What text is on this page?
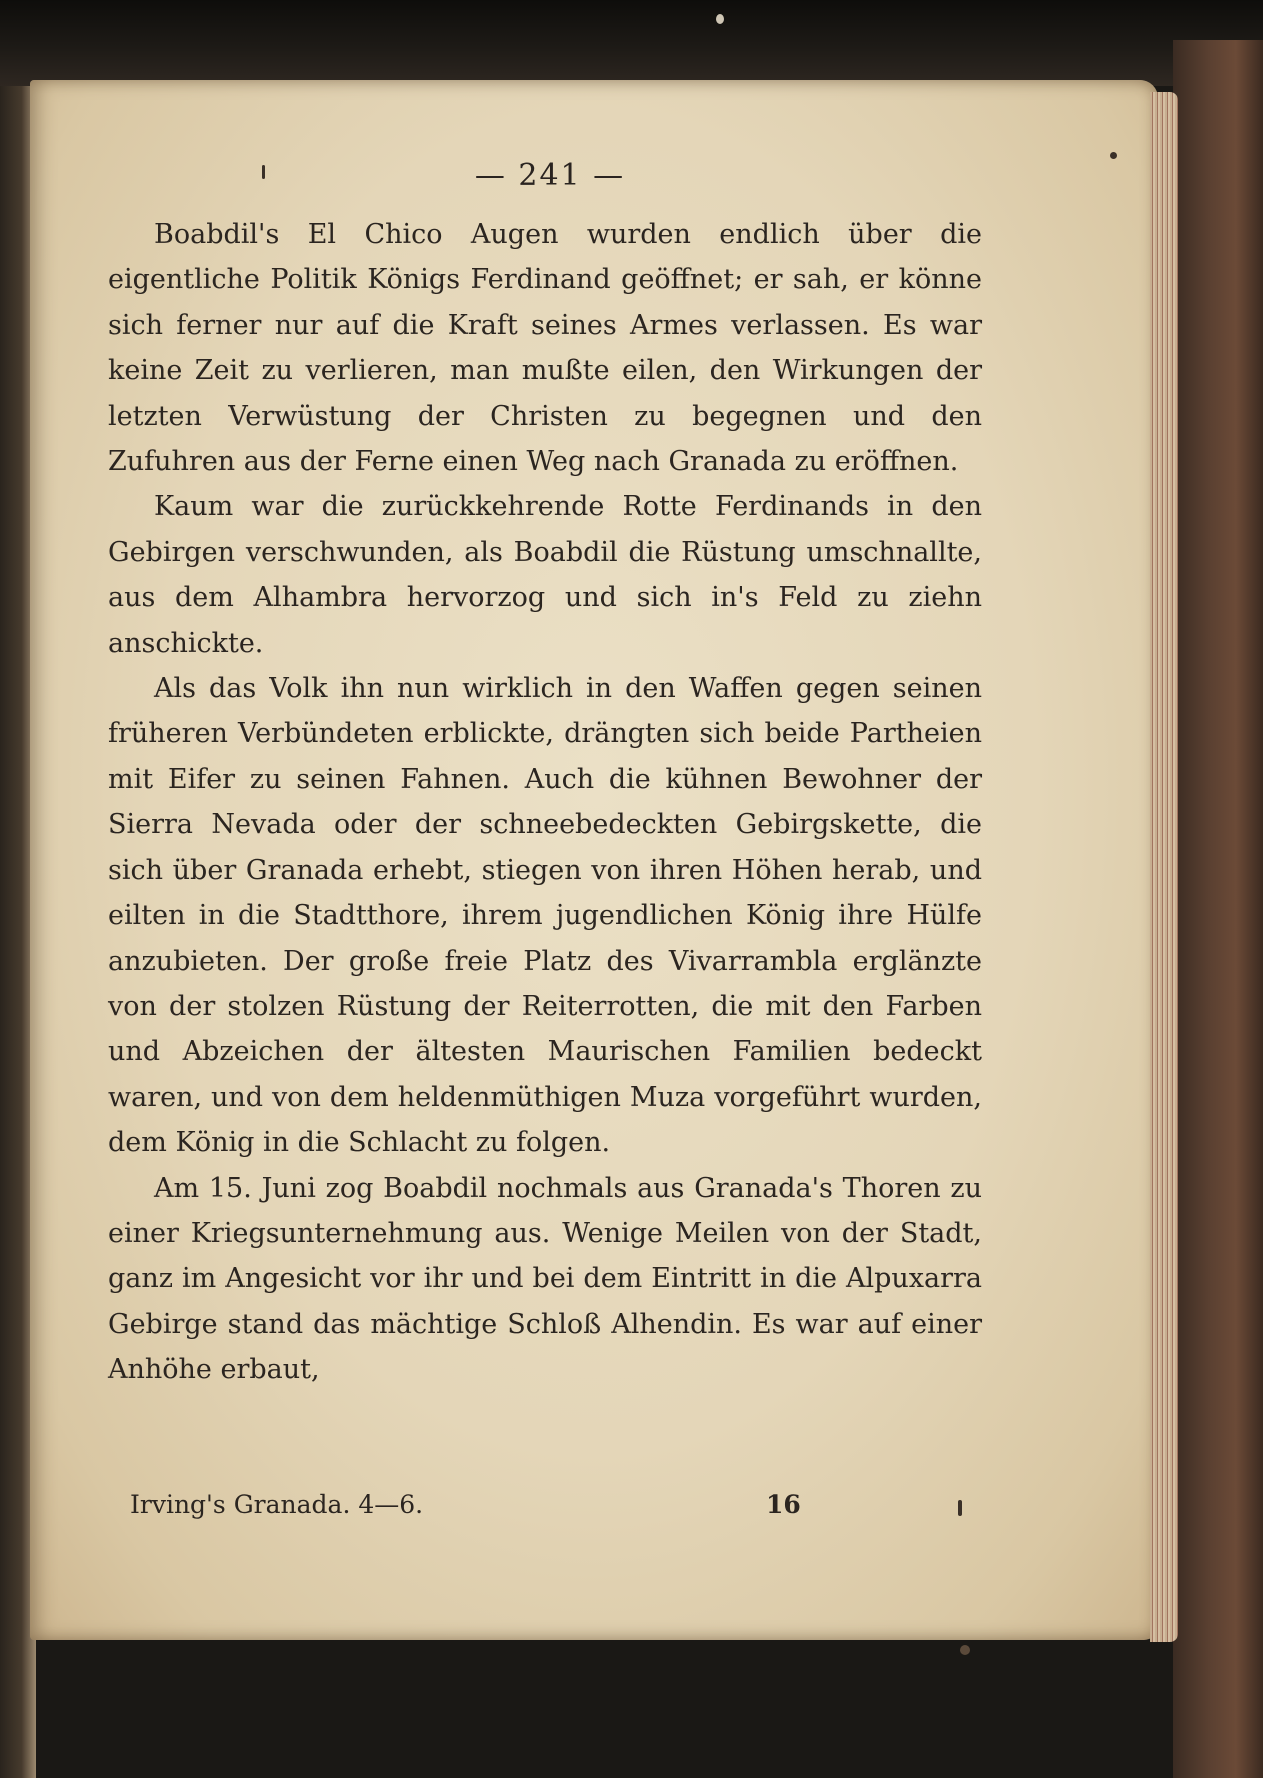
— 241 —

Boabdil's El Chico Augen wurden endlich über die eigentliche Politik Königs Ferdinand geöffnet; er sah, er könne sich ferner nur auf die Kraft seines Armes verlassen. Es war keine Zeit zu verlieren, man mußte eilen, den Wirkungen der letzten Verwüstung der Christen zu begegnen und den Zufuhren aus der Ferne einen Weg nach Granada zu eröffnen.

Kaum war die zurückkehrende Rotte Ferdinands in den Gebirgen verschwunden, als Boabdil die Rüstung umschnallte, aus dem Alhambra hervorzog und sich in's Feld zu ziehn anschickte.

Als das Volk ihn nun wirklich in den Waffen gegen seinen früheren Verbündeten erblickte, drängten sich beide Partheien mit Eifer zu seinen Fahnen. Auch die kühnen Bewohner der Sierra Nevada oder der schneebedeckten Gebirgskette, die sich über Granada erhebt, stiegen von ihren Höhen herab, und eilten in die Stadtthore, ihrem jugendlichen König ihre Hülfe anzubieten. Der große freie Platz des Vivarrambla erglänzte von der stolzen Rüstung der Reiterrotten, die mit den Farben und Abzeichen der ältesten Maurischen Familien bedeckt waren, und von dem heldenmüthigen Muza vorgeführt wurden, dem König in die Schlacht zu folgen.

Am 15. Juni zog Boabdil nochmals aus Granada's Thoren zu einer Kriegsunternehmung aus. Wenige Meilen von der Stadt, ganz im Angesicht vor ihr und bei dem Eintritt in die Alpuxarra Gebirge stand das mächtige Schloß Alhendin. Es war auf einer Anhöhe erbaut,

Irving's Granada. 4—6.	16
